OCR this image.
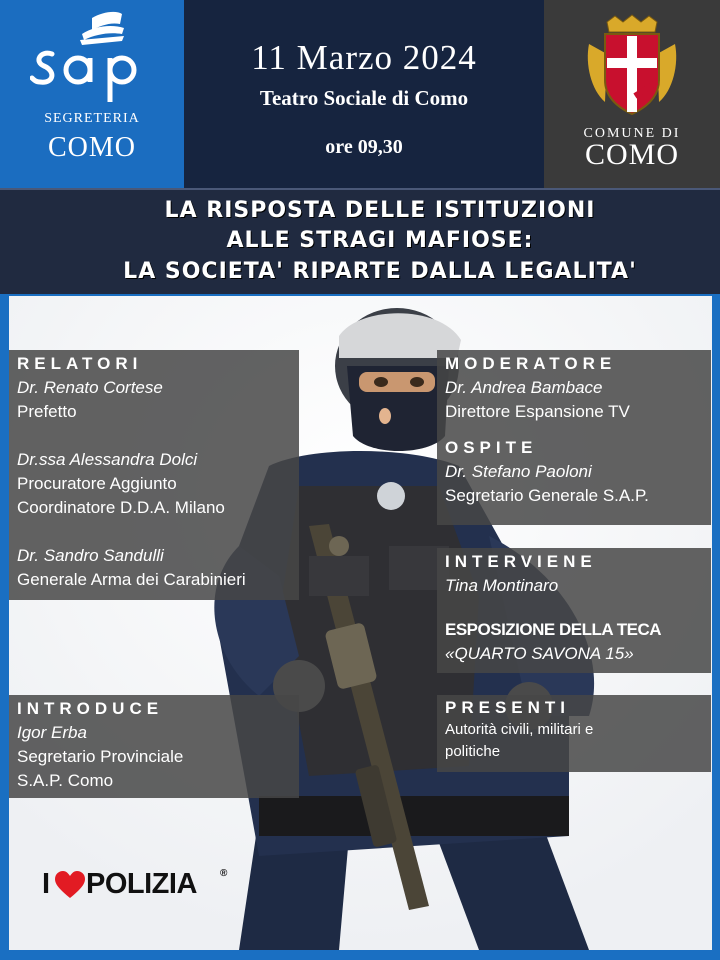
SEGRETERIA
COMO
11 Marzo 2024
Teatro Sociale di Como
ore 09,30
COMUNE DI
COMO
LA RISPOSTA DELLE ISTITUZIONI
ALLE STRAGI MAFIOSE:
LA SOCIETA' RIPARTE DALLA LEGALITA'
RELATORI
Dr. Renato Cortese
Prefetto
Dr.ssa Alessandra Dolci
Procuratore Aggiunto
Coordinatore D.D.A. Milano
Dr. Sandro Sandulli
Generale Arma dei Carabinieri
MODERATORE
Dr. Andrea Bambace
Direttore Espansione TV
OSPITE
Dr. Stefano Paoloni
Segretario Generale S.A.P.
INTERVIENE
Tina Montinaro
ESPOSIZIONE DELLA TECA
«QUARTO SAVONA 15»
INTRODUCE
Igor Erba
Segretario Provinciale
S.A.P. Como
PRESENTI
Autorità civili, militari e
politiche
I POLIZIA ®
